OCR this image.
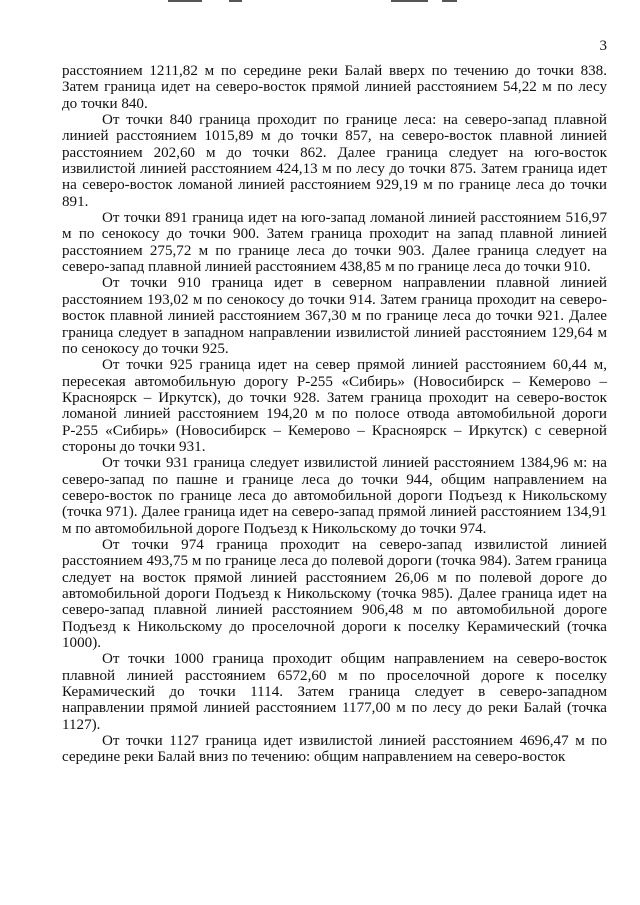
3

расстоянием 1211,82 м по середине реки Балай вверх по течению до точки 838. Затем граница идет на северо-восток прямой линией расстоянием 54,22 м по лесу до точки 840.

От точки 840 граница проходит по границе леса: на северо-запад плавной линией расстоянием 1015,89 м до точки 857, на северо-восток плавной линией расстоянием 202,60 м до точки 862. Далее граница следует на юго-восток извилистой линией расстоянием 424,13 м по лесу до точки 875. Затем граница идет на северо-восток ломаной линией расстоянием 929,19 м по границе леса до точки 891.

От точки 891 граница идет на юго-запад ломаной линией расстоянием 516,97 м по сенокосу до точки 900. Затем граница проходит на запад плавной линией расстоянием 275,72 м по границе леса до точки 903. Далее граница следует на северо-запад плавной линией расстоянием 438,85 м по границе леса до точки 910.

От точки 910 граница идет в северном направлении плавной линией расстоянием 193,02 м по сенокосу до точки 914. Затем граница проходит на северо-восток плавной линией расстоянием 367,30 м по границе леса до точки 921. Далее граница следует в западном направлении извилистой линией расстоянием 129,64 м по сенокосу до точки 925.

От точки 925 граница идет на север прямой линией расстоянием 60,44 м, пересекая автомобильную дорогу Р-255 «Сибирь» (Новосибирск – Кемерово – Красноярск – Иркутск), до точки 928. Затем граница проходит на северо-восток ломаной линией расстоянием 194,20 м по полосе отвода автомобильной дороги Р-255 «Сибирь» (Новосибирск – Кемерово – Красноярск – Иркутск) с северной стороны до точки 931.

От точки 931 граница следует извилистой линией расстоянием 1384,96 м: на северо-запад по пашне и границе леса до точки 944, общим направлением на северо-восток по границе леса до автомобильной дороги Подъезд к Никольскому (точка 971). Далее граница идет на северо-запад прямой линией расстоянием 134,91 м по автомобильной дороге Подъезд к Никольскому до точки 974.

От точки 974 граница проходит на северо-запад извилистой линией расстоянием 493,75 м по границе леса до полевой дороги (точка 984). Затем граница следует на восток прямой линией расстоянием 26,06 м по полевой дороге до автомобильной дороги Подъезд к Никольскому (точка 985). Далее граница идет на северо-запад плавной линией расстоянием 906,48 м по автомобильной дороге Подъезд к Никольскому до проселочной дороги к поселку Керамический (точка 1000).

От точки 1000 граница проходит общим направлением на северо-восток плавной линией расстоянием 6572,60 м по проселочной дороге к поселку Керамический до точки 1114. Затем граница следует в северо-западном направлении прямой линией расстоянием 1177,00 м по лесу до реки Балай (точка 1127).

От точки 1127 граница идет извилистой линией расстоянием 4696,47 м по середине реки Балай вниз по течению: общим направлением на северо-восток
